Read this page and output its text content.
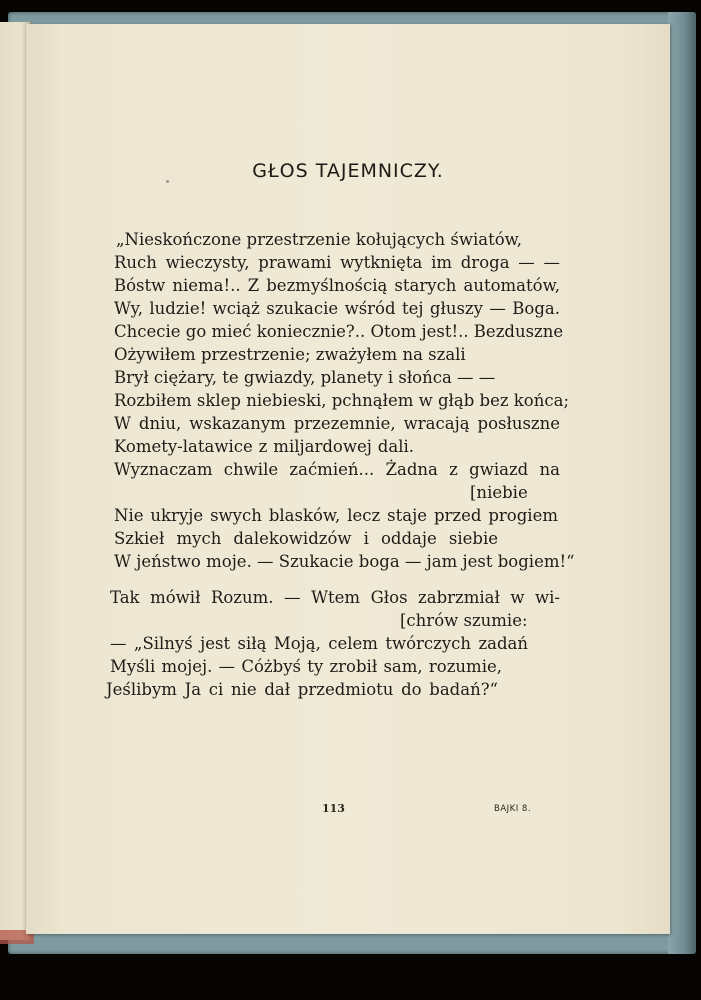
GŁOS TAJEMNICZY.
„Nieskończone przestrzenie kołujących światów,
Ruch wieczysty, prawami wytknięta im droga — —
Bóstw niema!.. Z bezmyślnością starych automatów,
Wy, ludzie! wciąż szukacie wśród tej głuszy — Boga.
Chcecie go mieć koniecznie?.. Otom jest!.. Bezduszne
Ożywiłem przestrzenie; zważyłem na szali
Brył ciężary, te gwiazdy, planety i słońca — —
Rozbiłem sklep niebieski, pchnąłem w głąb bez końca;
W dniu, wskazanym przezemnie, wracają posłuszne
Komety-latawice z miljardowej dali.
Wyznaczam chwile zaćmień... Żadna z gwiazd na
[niebie
Nie ukryje swych blasków, lecz staje przed progiem
Szkieł mych dalekowidzów i oddaje siebie
W jeństwo moje. — Szukacie boga — jam jest bogiem!“
Tak mówił Rozum. — Wtem Głos zabrzmiał w wi-
[chrów szumie:
— „Silnyś jest siłą Moją, celem twórczych zadań
Myśli mojej. — Cóżbyś ty zrobił sam, rozumie,
Jeślibym Ja ci nie dał przedmiotu do badań?“
113	BAJKI 8.
